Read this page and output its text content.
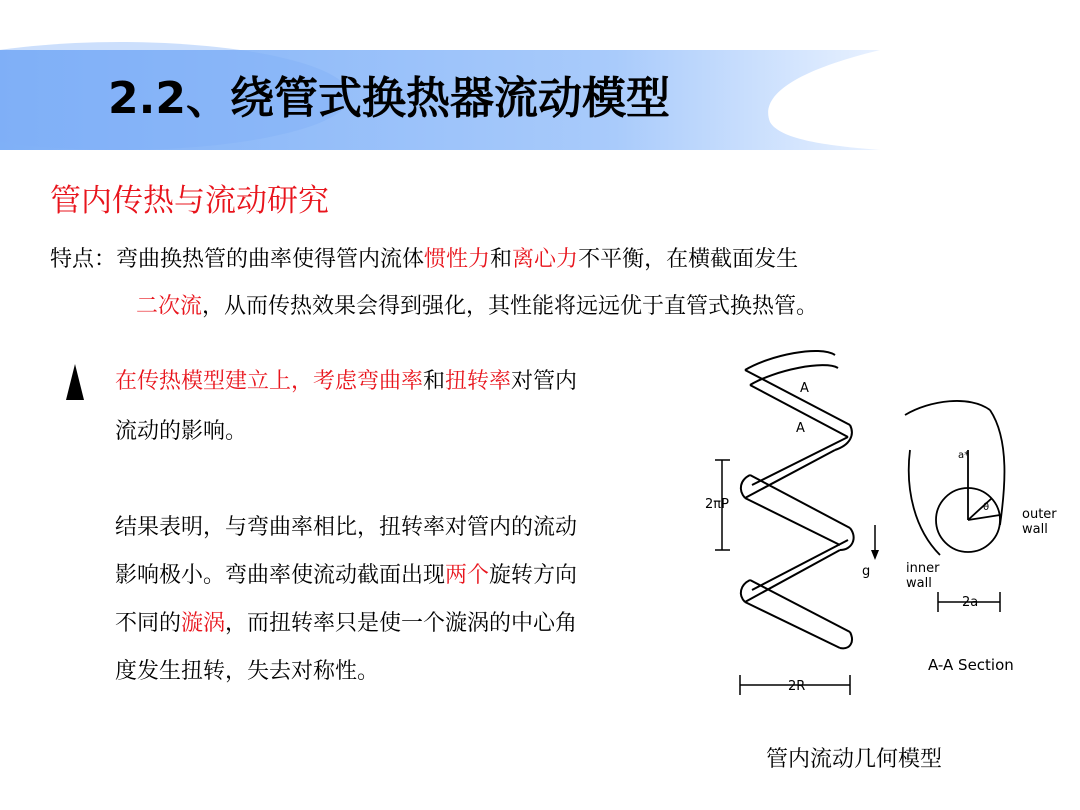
2.2、绕管式换热器流动模型
管内传热与流动研究
特点：弯曲换热管的曲率使得管内流体惯性力和离心力不平衡，在横截面发生
二次流，从而传热效果会得到强化，其性能将远远优于直管式换热管。
在传热模型建立上，考虑弯曲率和扭转率对管内
流动的影响。
结果表明，与弯曲率相比，扭转率对管内的流动
影响极小。弯曲率使流动截面出现两个旋转方向
不同的漩涡，而扭转率只是使一个漩涡的中心角
度发生扭转，失去对称性。
A
A
2πP
g
2R
inner
wall
outer
wall
2a
A-A Section
a*
θ
管内流动几何模型
